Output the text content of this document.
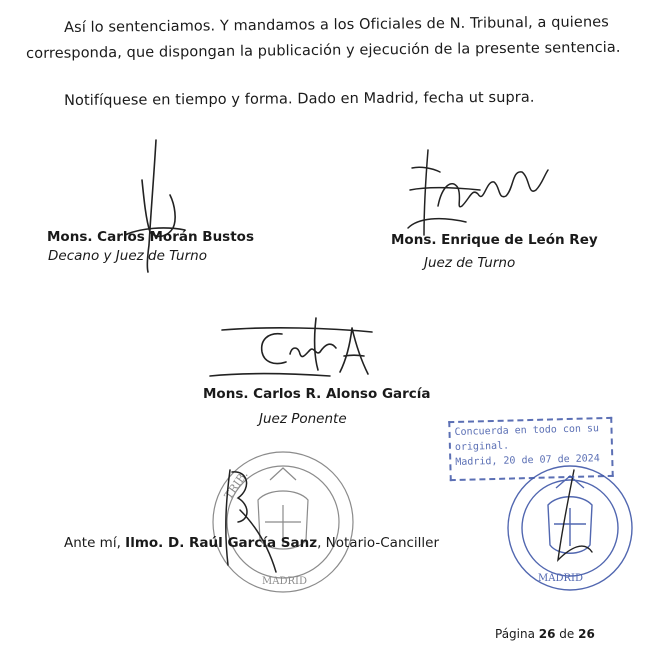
Así lo sentenciamos. Y mandamos a los Oficiales de N. Tribunal, a quienes

corresponda, que dispongan la publicación y ejecución de la presente sentencia.

Notifíquese en tiempo y forma. Dado en Madrid, fecha ut supra.

TRIB.
MADRID	MADRID
Mons. Carlos Morán Bustos
Decano y Juez de Turno
Mons. Enrique de León Rey
Juez de Turno
Mons. Carlos R. Alonso García
Juez Ponente
Concuerda en todo con su
original.
Madrid, 20 de 07 de 2024
Ante mí, Ilmo. D. Raúl García Sanz, Notario-Canciller
Página 26 de 26
